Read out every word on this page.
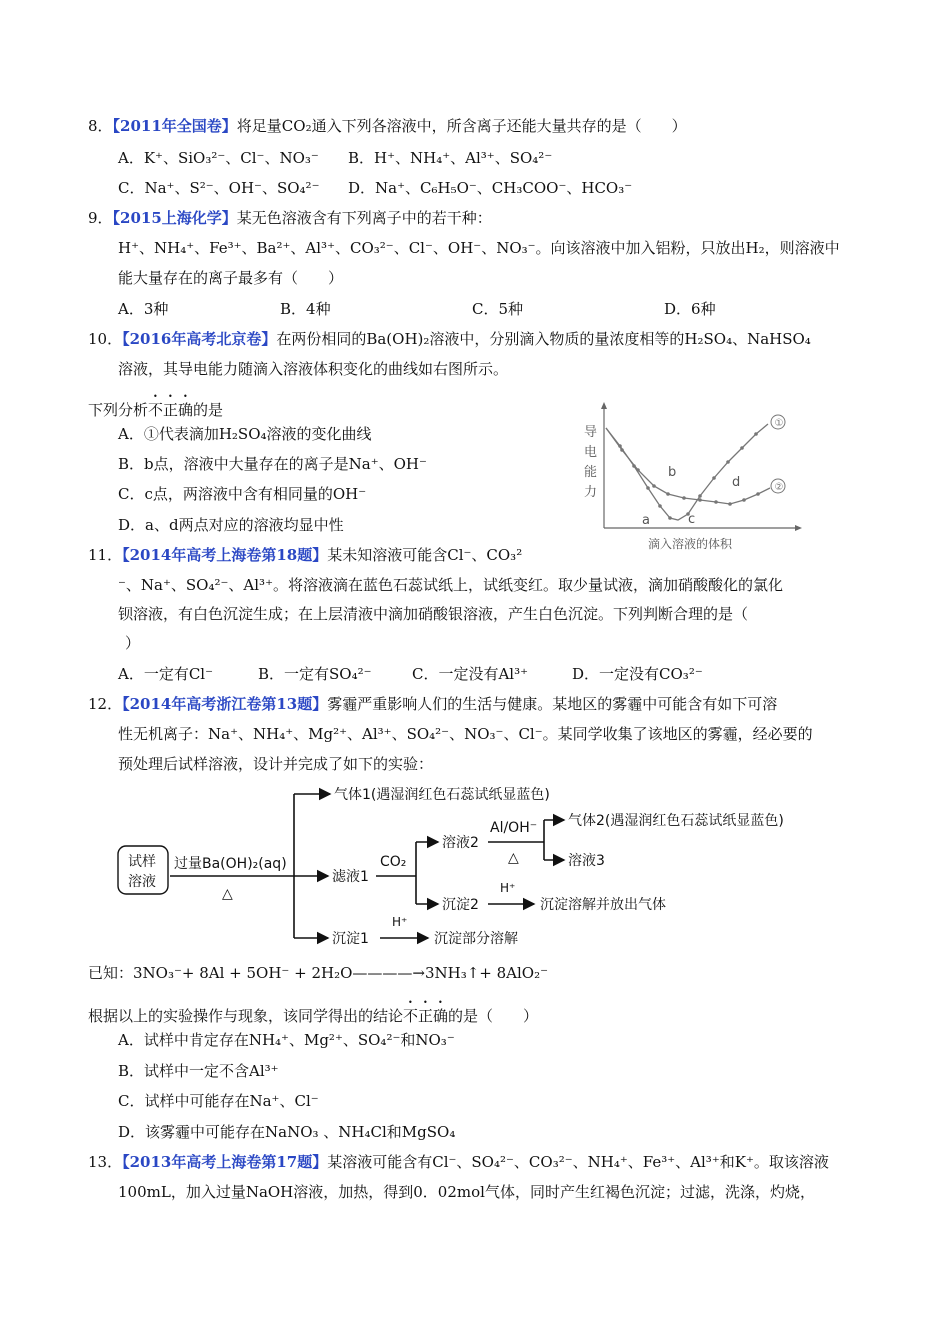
8．【2011年全国卷】将足量CO₂通入下列各溶液中，所含离子还能大量共存的是（　　）
A．K⁺、SiO₃²⁻、Cl⁻、NO₃⁻ B．H⁺、NH₄⁺、Al³⁺、SO₄²⁻
C．Na⁺、S²⁻、OH⁻、SO₄²⁻ D．Na⁺、C₆H₅O⁻、CH₃COO⁻、HCO₃⁻
9．【2015上海化学】某无色溶液含有下列离子中的若干种：
H⁺、NH₄⁺、Fe³⁺、Ba²⁺、Al³⁺、CO₃²⁻、Cl⁻、OH⁻、NO₃⁻。向该溶液中加入铝粉，只放出H₂，则溶液中
能大量存在的离子最多有（　　）
A．3种	B．4种	C．5种	D．6种
10．【2016年高考北京卷】在两份相同的Ba(OH)₂溶液中，分别滴入物质的量浓度相等的H₂SO₄、NaHSO₄
溶液，其导电能力随滴入溶液体积变化的曲线如右图所示。
下列分析不正确的是
A．①代表滴加H₂SO₄溶液的变化曲线
B．b点，溶液中大量存在的离子是Na⁺、OH⁻
C．c点，两溶液中含有相同量的OH⁻
D．a、d两点对应的溶液均显中性
导
电
能
力
滴入溶液的体积
①
②
a
b
c
d
11．【2014年高考上海卷第18题】某未知溶液可能含Cl⁻、CO₃²
⁻、Na⁺、SO₄²⁻、Al³⁺。将溶液滴在蓝色石蕊试纸上，试纸变红。取少量试液，滴加硝酸酸化的氯化
钡溶液，有白色沉淀生成；在上层清液中滴加硝酸银溶液，产生白色沉淀。下列判断合理的是（
）
A．一定有Cl⁻	B．一定有SO₄²⁻	C．一定没有Al³⁺	D．一定没有CO₃²⁻
12．【2014年高考浙江卷第13题】雾霾严重影响人们的生活与健康。某地区的雾霾中可能含有如下可溶
性无机离子：Na⁺、NH₄⁺、Mg²⁺、Al³⁺、SO₄²⁻、NO₃⁻、Cl⁻。某同学收集了该地区的雾霾，经必要的
预处理后试样溶液，设计并完成了如下的实验：
试样
溶液
过量Ba(OH)₂(aq)
△
气体1(遇湿润红色石蕊试纸显蓝色)
滤液1
沉淀1
CO₂
溶液2
沉淀2
Al/OH⁻
△
气体2(遇湿润红色石蕊试纸显蓝色)
溶液3
H⁺
沉淀溶解并放出气体
H⁺
沉淀部分溶解
已知：3NO₃⁻+ 8Al + 5OH⁻ + 2H₂O————→3NH₃↑+ 8AlO₂⁻
根据以上的实验操作与现象，该同学得出的结论不正确的是（　　）
A．试样中肯定存在NH₄⁺、Mg²⁺、SO₄²⁻和NO₃⁻
B．试样中一定不含Al³⁺
C．试样中可能存在Na⁺、Cl⁻
D．该雾霾中可能存在NaNO₃ 、NH₄Cl和MgSO₄
13．【2013年高考上海卷第17题】某溶液可能含有Cl⁻、SO₄²⁻、CO₃²⁻、NH₄⁺、Fe³⁺、Al³⁺和K⁺。取该溶液
100mL，加入过量NaOH溶液，加热，得到0．02mol气体，同时产生红褐色沉淀；过滤，洗涤，灼烧，
